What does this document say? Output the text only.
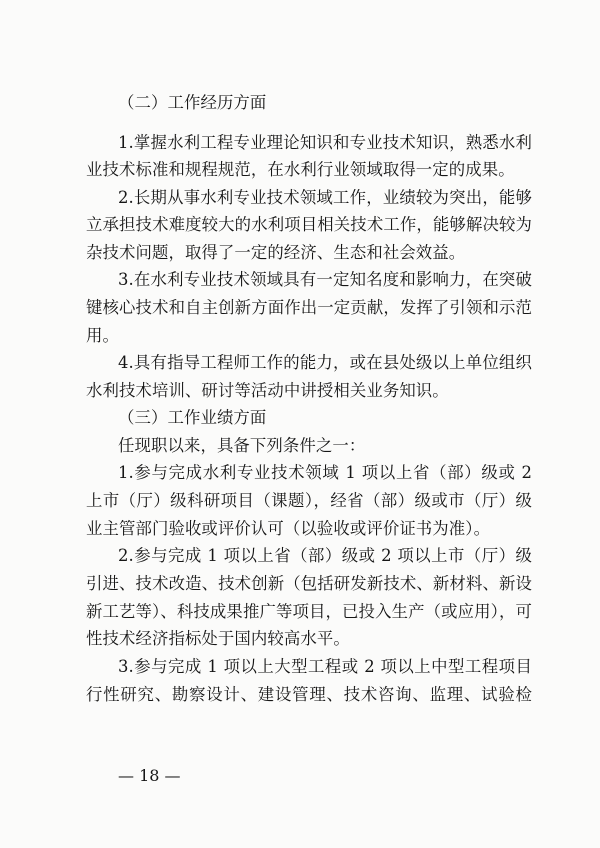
（二）工作经历方面
1.掌握水利工程专业理论知识和专业技术知识，熟悉水利
业技术标准和规程规范，在水利行业领域取得一定的成果。
2.长期从事水利专业技术领域工作，业绩较为突出，能够
立承担技术难度较大的水利项目相关技术工作，能够解决较为
杂技术问题，取得了一定的经济、生态和社会效益。
3.在水利专业技术领域具有一定知名度和影响力，在突破
键核心技术和自主创新方面作出一定贡献，发挥了引领和示范
用。
4.具有指导工程师工作的能力，或在县处级以上单位组织
水利技术培训、研讨等活动中讲授相关业务知识。
（三）工作业绩方面
任现职以来，具备下列条件之一：
1.参与完成水利专业技术领域 1 项以上省（部）级或 2
上市（厅）级科研项目（课题），经省（部）级或市（厅）级
业主管部门验收或评价认可（以验收或评价证书为准）。
2.参与完成 1 项以上省（部）级或 2 项以上市（厅）级
引进、技术改造、技术创新（包括研发新技术、新材料、新设
新工艺等）、科技成果推广等项目，已投入生产（或应用），可
性技术经济指标处于国内较高水平。
3.参与完成 1 项以上大型工程或 2 项以上中型工程项目
行性研究、勘察设计、建设管理、技术咨询、监理、试验检
— 18 —
